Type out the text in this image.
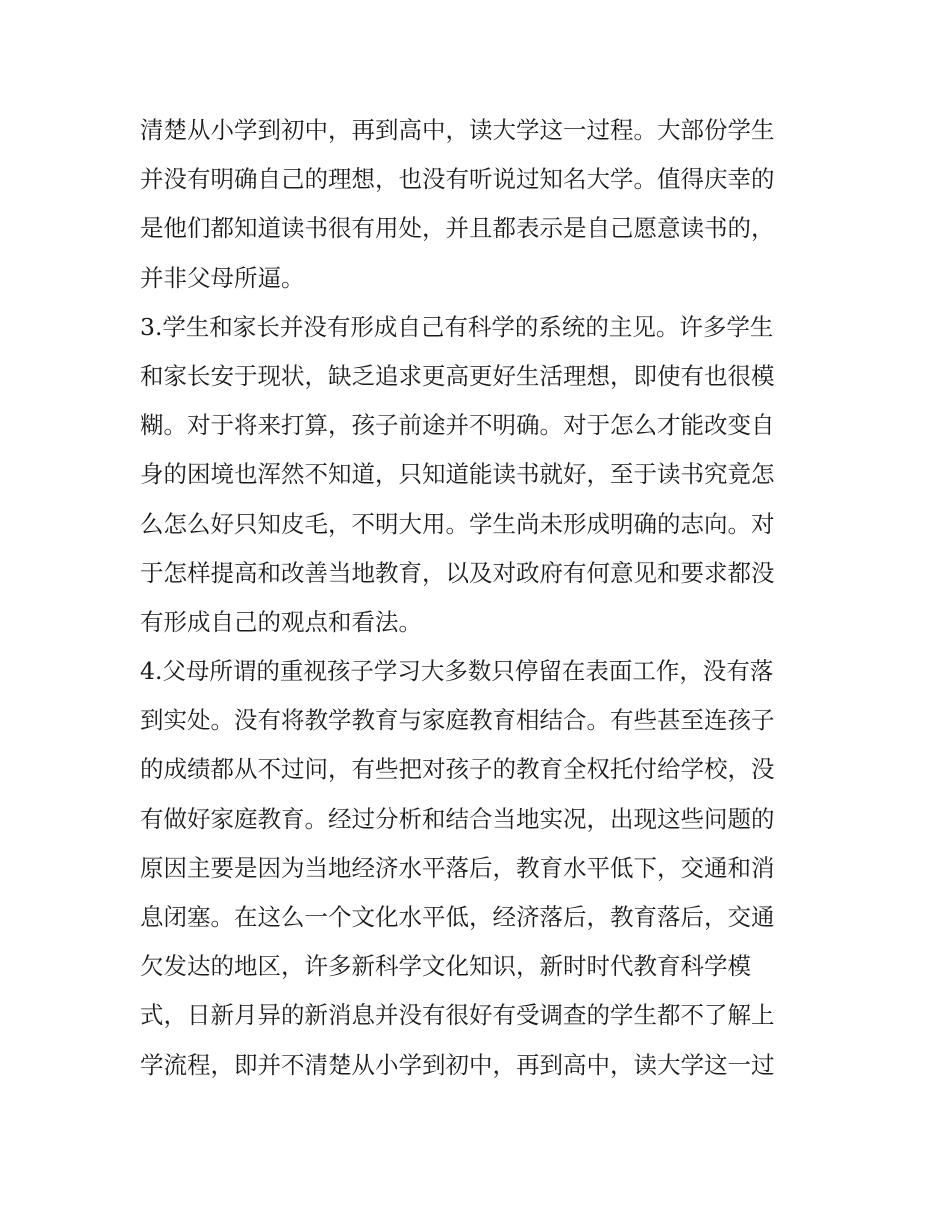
清楚从小学到初中，再到高中，读大学这一过程。大部份学生
并没有明确自己的理想，也没有听说过知名大学。值得庆幸的
是他们都知道读书很有用处，并且都表示是自己愿意读书的，
并非父母所逼。
3.学生和家长并没有形成自己有科学的系统的主见。许多学生
和家长安于现状，缺乏追求更高更好生活理想，即使有也很模
糊。对于将来打算，孩子前途并不明确。对于怎么才能改变自
身的困境也浑然不知道，只知道能读书就好，至于读书究竟怎
么怎么好只知皮毛，不明大用。学生尚未形成明确的志向。对
于怎样提高和改善当地教育，以及对政府有何意见和要求都没
有形成自己的观点和看法。
4.父母所谓的重视孩子学习大多数只停留在表面工作，没有落
到实处。没有将教学教育与家庭教育相结合。有些甚至连孩子
的成绩都从不过问，有些把对孩子的教育全权托付给学校，没
有做好家庭教育。经过分析和结合当地实况，出现这些问题的
原因主要是因为当地经济水平落后，教育水平低下，交通和消
息闭塞。在这么一个文化水平低，经济落后，教育落后，交通
欠发达的地区，许多新科学文化知识，新时时代教育科学模
式，日新月异的新消息并没有很好有受调查的学生都不了解上
学流程，即并不清楚从小学到初中，再到高中，读大学这一过
